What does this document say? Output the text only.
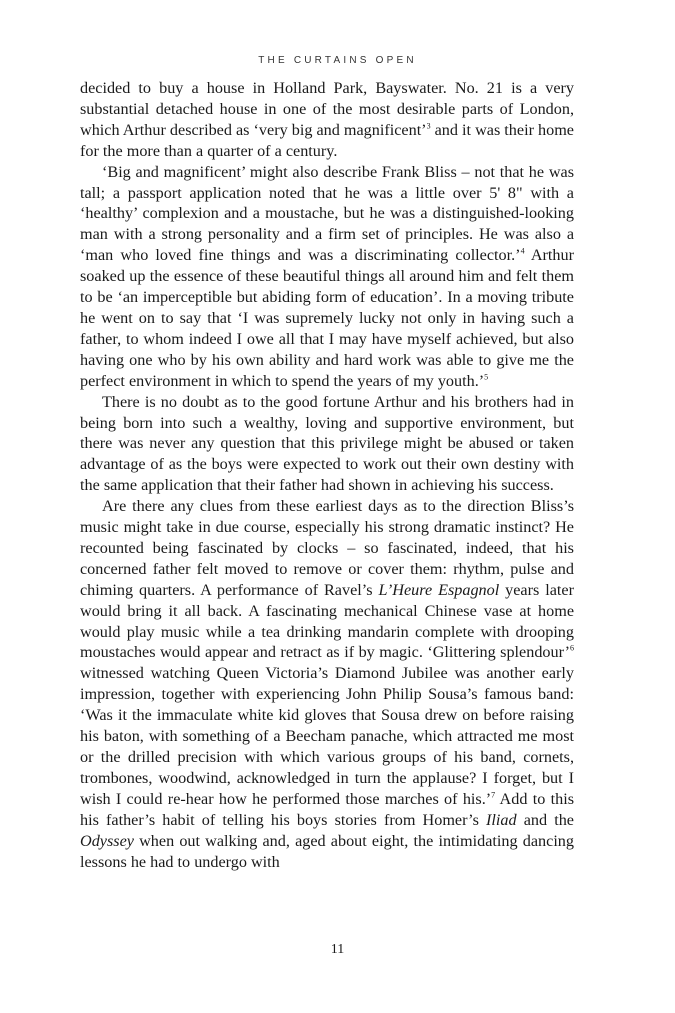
THE CURTAINS OPEN

decided to buy a house in Holland Park, Bayswater. No. 21 is a very substantial detached house in one of the most desirable parts of London, which Arthur described as ‘very big and magnificent’$^3$ and it was their home for the more than a quarter of a century.

‘Big and magnificent’ might also describe Frank Bliss – not that he was tall; a passport application noted that he was a little over 5' 8" with a ‘healthy’ complexion and a moustache, but he was a distinguished-looking man with a strong personality and a firm set of principles. He was also a ‘man who loved fine things and was a discriminating collector.’$^4$ Arthur soaked up the essence of these beautiful things all around him and felt them to be ‘an imperceptible but abiding form of education’. In a moving tribute he went on to say that ‘I was supremely lucky not only in having such a father, to whom indeed I owe all that I may have myself achieved, but also having one who by his own ability and hard work was able to give me the perfect environment in which to spend the years of my youth.’$^5$

There is no doubt as to the good fortune Arthur and his brothers had in being born into such a wealthy, loving and supportive environment, but there was never any question that this privilege might be abused or taken advantage of as the boys were expected to work out their own destiny with the same application that their father had shown in achieving his success.

Are there any clues from these earliest days as to the direction Bliss’s music might take in due course, especially his strong dramatic instinct? He recounted being fascinated by clocks – so fascinated, indeed, that his concerned father felt moved to remove or cover them: rhythm, pulse and chiming quarters. A performance of Ravel’s L’Heure Espagnol years later would bring it all back. A fascinating mechanical Chinese vase at home would play music while a tea drinking mandarin complete with drooping moustaches would appear and retract as if by magic. ‘Glittering splendour’$^6$ witnessed watching Queen Victoria’s Diamond Jubilee was another early impression, together with experiencing John Philip Sousa’s famous band: ‘Was it the immaculate white kid gloves that Sousa drew on before raising his baton, with something of a Beecham panache, which attracted me most or the drilled precision with which various groups of his band, cornets, trombones, woodwind, acknowledged in turn the applause? I forget, but I wish I could re-hear how he performed those marches of his.’$^7$ Add to this his father’s habit of telling his boys stories from Homer’s Iliad and the Odyssey when out walking and, aged about eight, the intimidating dancing lessons he had to undergo with

11
